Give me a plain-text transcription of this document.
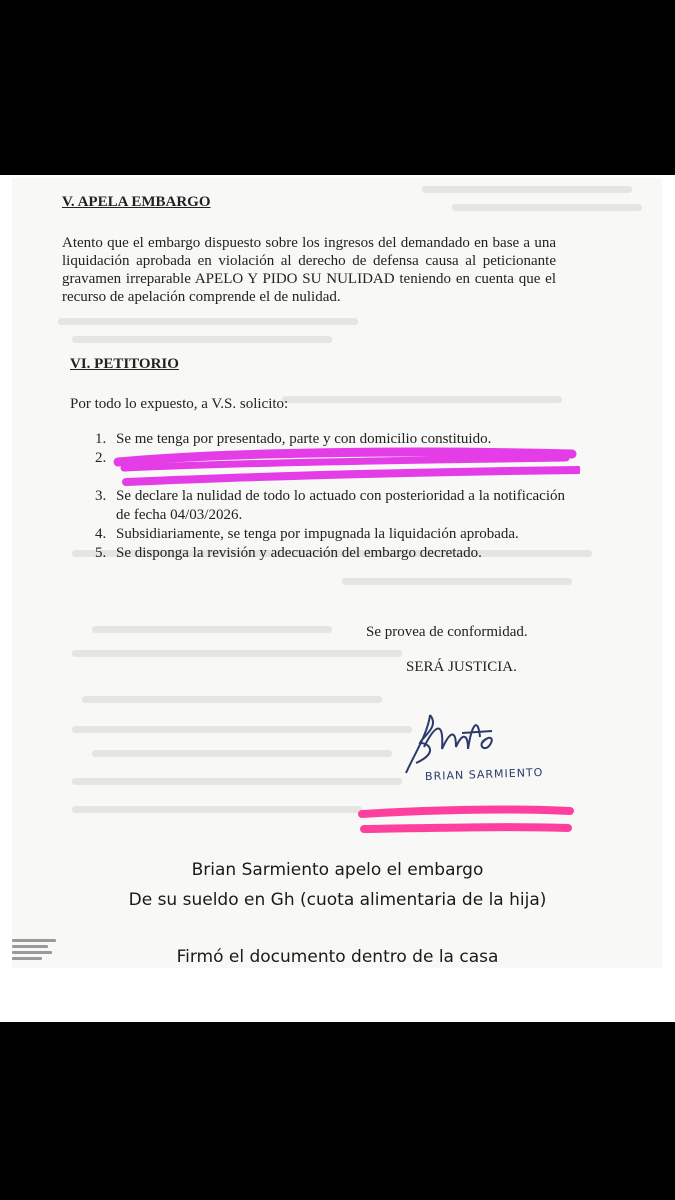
V. APELA EMBARGO
Atento que el embargo dispuesto sobre los ingresos del demandado en base a una liquidación aprobada en violación al derecho de defensa causa al peticionante gravamen irreparable APELO Y PIDO SU NULIDAD teniendo en cuenta que el recurso de apelación comprende el de nulidad.
VI. PETITORIO
Por todo lo expuesto, a V.S. solicito:
1. Se me tenga por presentado, parte y con domicilio constituido.
2.
3. Se declare la nulidad de todo lo actuado con posterioridad a la notificación de fecha 04/03/2026.
4. Subsidiariamente, se tenga por impugnada la liquidación aprobada.
5. Se disponga la revisión y adecuación del embargo decretado.
Se provea de conformidad.
SERÁ JUSTICIA.
BRIAN SARMIENTO
Brian Sarmiento apelo el embargo
De su sueldo en Gh (cuota alimentaria de la hija)
Firmó el documento dentro de la casa
